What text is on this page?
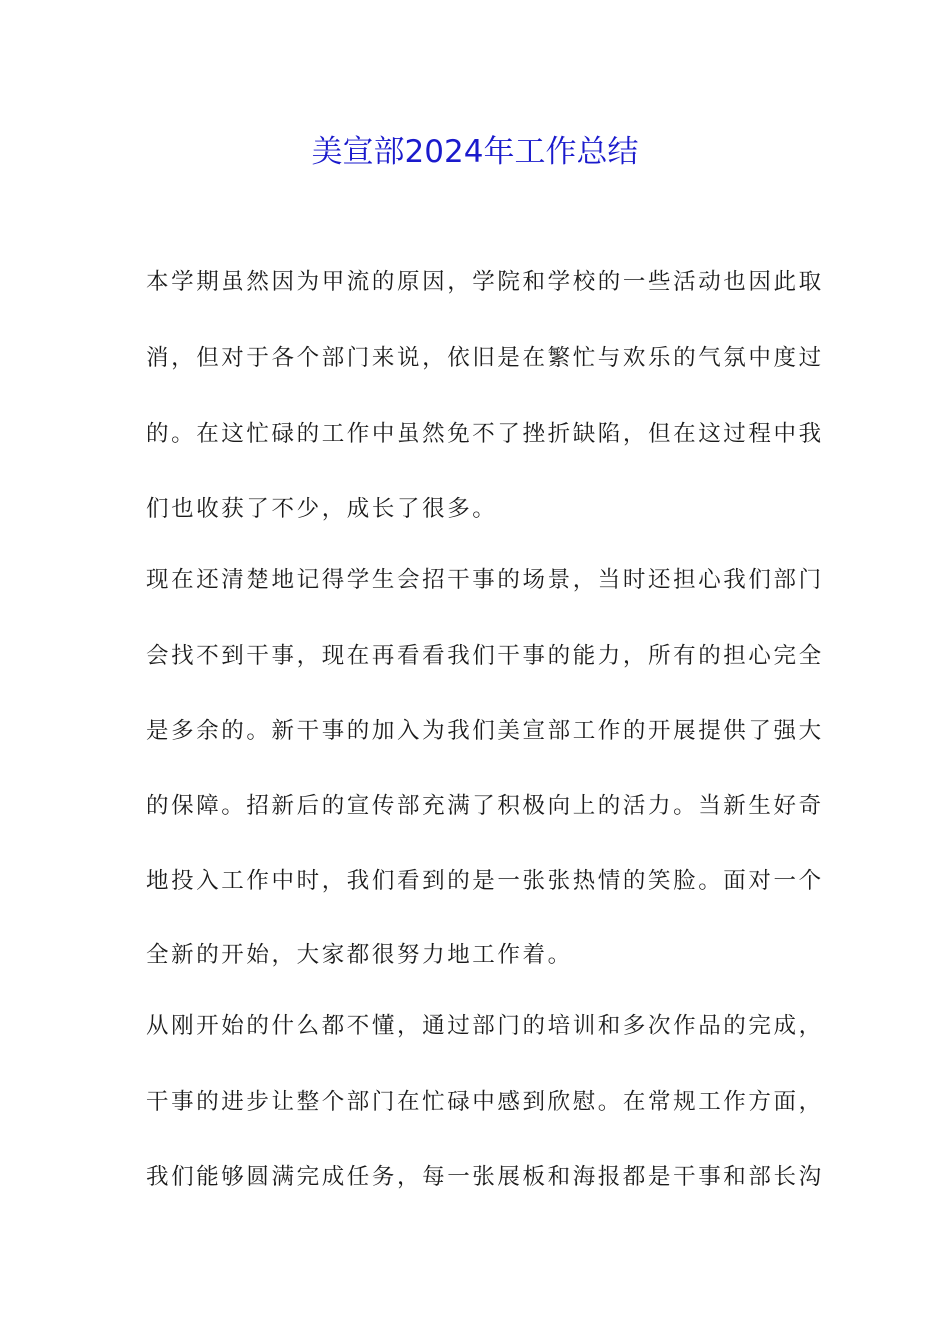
美宣部2024年工作总结
本学期虽然因为甲流的原因，学院和学校的一些活动也因此取
消，但对于各个部门来说，依旧是在繁忙与欢乐的气氛中度过
的。在这忙碌的工作中虽然免不了挫折缺陷，但在这过程中我
们也收获了不少，成长了很多。
现在还清楚地记得学生会招干事的场景，当时还担心我们部门
会找不到干事，现在再看看我们干事的能力，所有的担心完全
是多余的。新干事的加入为我们美宣部工作的开展提供了强大
的保障。招新后的宣传部充满了积极向上的活力。当新生好奇
地投入工作中时，我们看到的是一张张热情的笑脸。面对一个
全新的开始，大家都很努力地工作着。
从刚开始的什么都不懂，通过部门的培训和多次作品的完成，
干事的进步让整个部门在忙碌中感到欣慰。在常规工作方面，
我们能够圆满完成任务，每一张展板和海报都是干事和部长沟
